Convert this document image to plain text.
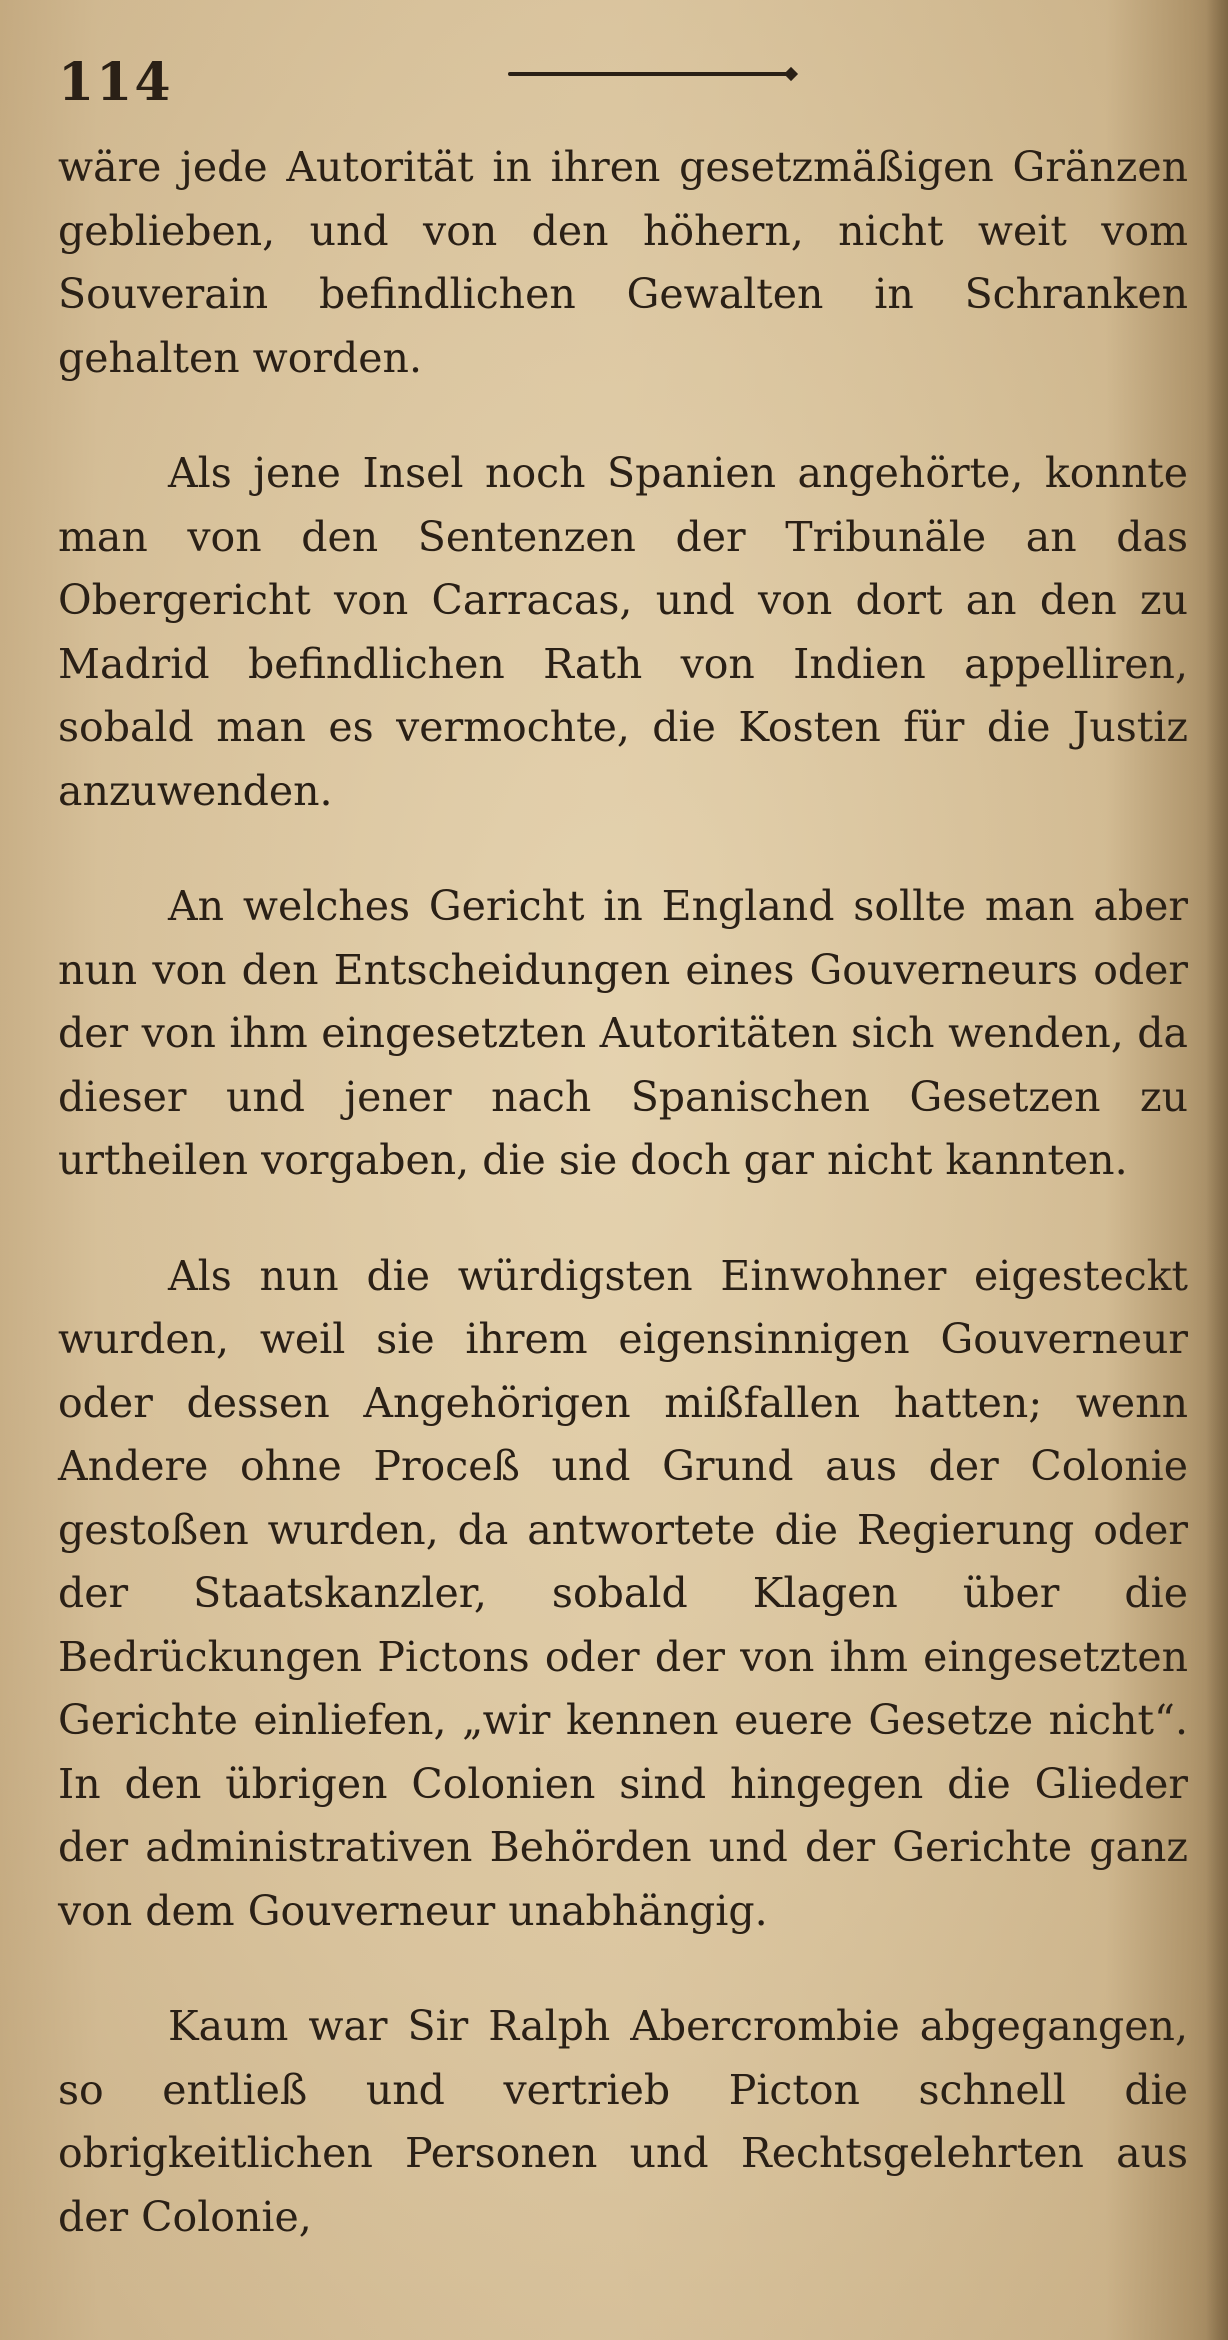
114

wäre jede Autorität in ihren gesetzmäßigen Gränzen geblieben, und von den höhern, nicht weit vom Souverain befindlichen Gewalten in Schranken gehalten worden.

Als jene Insel noch Spanien angehörte, konnte man von den Sentenzen der Tribunäle an das Obergericht von Carracas, und von dort an den zu Madrid befindlichen Rath von Indien appelliren, sobald man es vermochte, die Kosten für die Justiz anzuwenden.

An welches Gericht in England sollte man aber nun von den Entscheidungen eines Gouverneurs oder der von ihm eingesetzten Autoritäten sich wenden, da dieser und jener nach Spanischen Gesetzen zu urtheilen vorgaben, die sie doch gar nicht kannten.

Als nun die würdigsten Einwohner eigesteckt wurden, weil sie ihrem eigensinnigen Gouverneur oder dessen Angehörigen mißfallen hatten; wenn Andere ohne Proceß und Grund aus der Colonie gestoßen wurden, da antwortete die Regierung oder der Staatskanzler, sobald Klagen über die Bedrückungen Pictons oder der von ihm eingesetzten Gerichte einliefen, „wir kennen euere Gesetze nicht“. In den übrigen Colonien sind hingegen die Glieder der administrativen Behörden und der Gerichte ganz von dem Gouverneur unabhängig.

Kaum war Sir Ralph Abercrombie abgegangen, so entließ und vertrieb Picton schnell die obrigkeitlichen Personen und Rechtsgelehrten aus der Colonie,
